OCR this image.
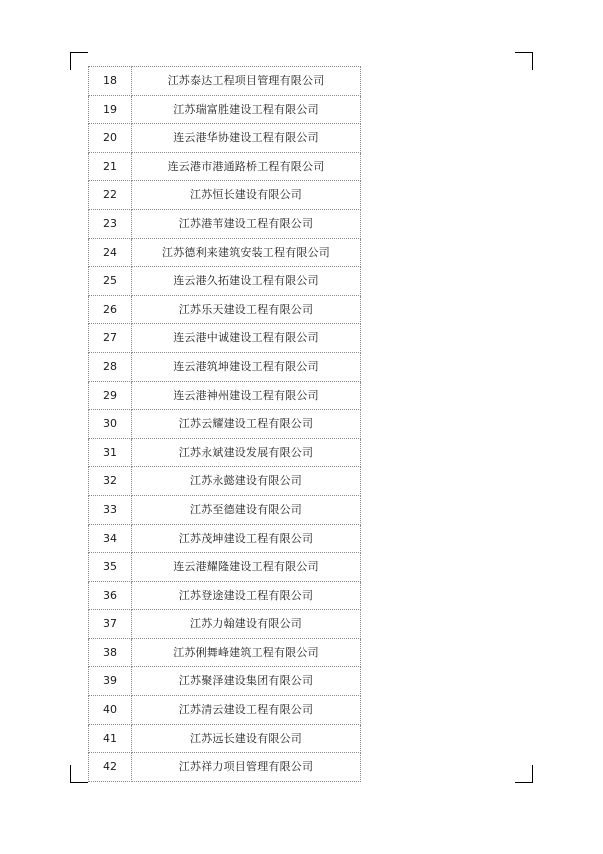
18	江苏泰达工程项目管理有限公司
19	江苏瑞富胜建设工程有限公司
20	连云港华协建设工程有限公司
21	连云港市港通路桥工程有限公司
22	江苏恒长建设有限公司
23	江苏港苇建设工程有限公司
24	江苏德利来建筑安装工程有限公司
25	连云港久拓建设工程有限公司
26	江苏乐天建设工程有限公司
27	连云港中诚建设工程有限公司
28	连云港筑坤建设工程有限公司
29	连云港神州建设工程有限公司
30	江苏云耀建设工程有限公司
31	江苏永斌建设发展有限公司
32	江苏永懿建设有限公司
33	江苏至德建设有限公司
34	江苏茂坤建设工程有限公司
35	连云港耀隆建设工程有限公司
36	江苏登途建设工程有限公司
37	江苏力翰建设有限公司
38	江苏俐舞峰建筑工程有限公司
39	江苏聚泽建设集团有限公司
40	江苏清云建设工程有限公司
41	江苏远长建设有限公司
42	江苏祥力项目管理有限公司
